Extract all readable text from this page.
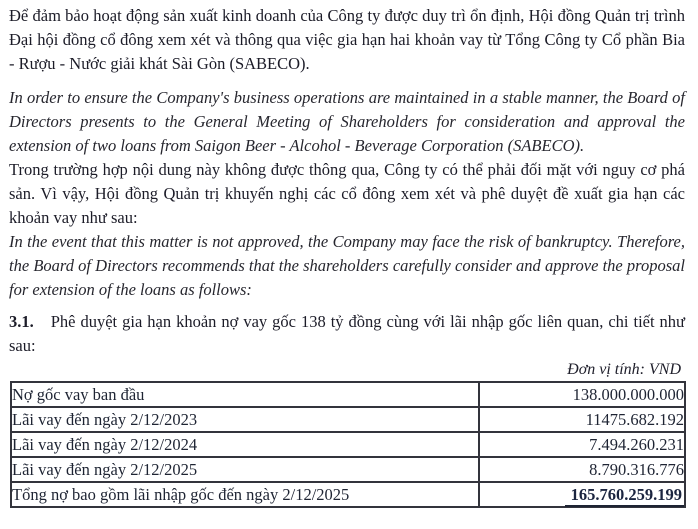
Để đảm bảo hoạt động sản xuất kinh doanh của Công ty được duy trì ổn định, Hội đồng Quản trị trình Đại hội đồng cổ đông xem xét và thông qua việc gia hạn hai khoản vay từ Tổng Công ty Cổ phần Bia - Rượu - Nước giải khát Sài Gòn (SABECO).

In order to ensure the Company's business operations are maintained in a stable manner, the Board of Directors presents to the General Meeting of Shareholders for consideration and approval the extension of two loans from Saigon Beer - Alcohol - Beverage Corporation (SABECO).

Trong trường hợp nội dung này không được thông qua, Công ty có thể phải đối mặt với nguy cơ phá sản. Vì vậy, Hội đồng Quản trị khuyến nghị các cổ đông xem xét và phê duyệt đề xuất gia hạn các khoản vay như sau:

In the event that this matter is not approved, the Company may face the risk of bankruptcy. Therefore, the Board of Directors recommends that the shareholders carefully consider and approve the proposal for extension of the loans as follows:

3.1. Phê duyệt gia hạn khoản nợ vay gốc 138 tỷ đồng cùng với lãi nhập gốc liên quan, chi tiết như sau:

Đơn vị tính: VND
Nợ gốc vay ban đầu	138.000.000.000
Lãi vay đến ngày 2/12/2023	11475.682.192
Lãi vay đến ngày 2/12/2024	7.494.260.231
Lãi vay đến ngày 2/12/2025	8.790.316.776
Tổng nợ bao gồm lãi nhập gốc đến ngày 2/12/2025	165.760.259.199
